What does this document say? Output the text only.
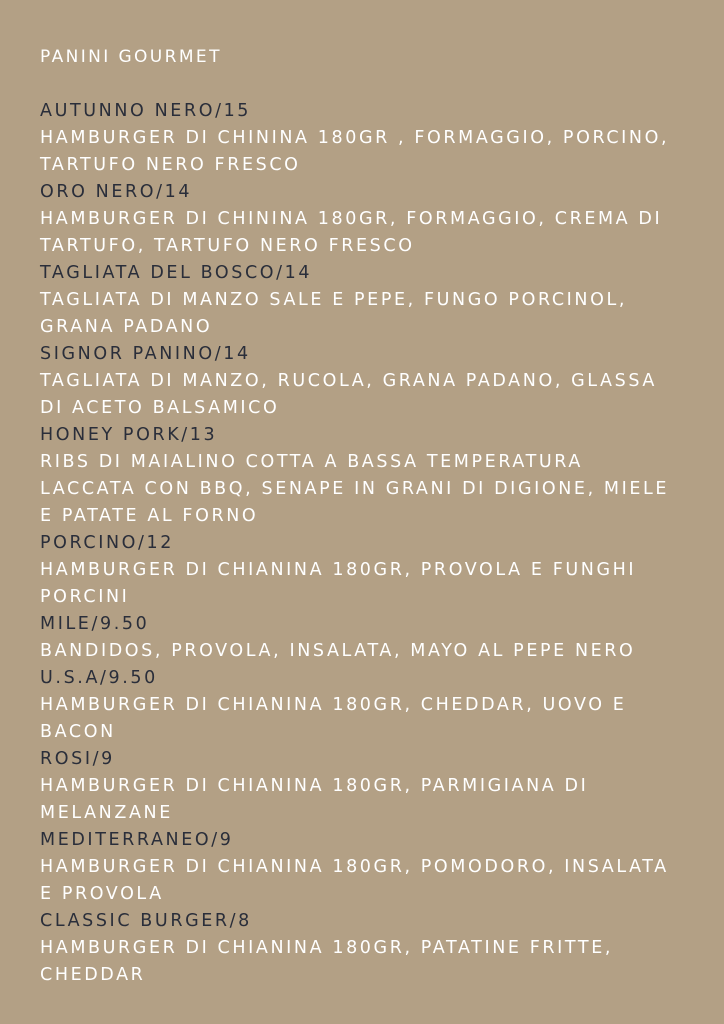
PANINI GOURMET
AUTUNNO NERO/15
HAMBURGER DI CHININA 180GR , FORMAGGIO, PORCINO,
TARTUFO NERO FRESCO
ORO NERO/14
HAMBURGER DI CHININA 180GR, FORMAGGIO, CREMA DI
TARTUFO, TARTUFO NERO FRESCO
TAGLIATA DEL BOSCO/14
TAGLIATA DI MANZO SALE E PEPE, FUNGO PORCINOL,
GRANA PADANO
SIGNOR PANINO/14
TAGLIATA DI MANZO, RUCOLA, GRANA PADANO, GLASSA
DI ACETO BALSAMICO
HONEY PORK/13
RIBS DI MAIALINO COTTA A BASSA TEMPERATURA
LACCATA CON BBQ, SENAPE IN GRANI DI DIGIONE, MIELE
E PATATE AL FORNO
PORCINO/12
HAMBURGER DI CHIANINA 180GR, PROVOLA E FUNGHI
PORCINI
MILE/9.50
BANDIDOS, PROVOLA, INSALATA, MAYO AL PEPE NERO
U.S.A/9.50
HAMBURGER DI CHIANINA 180GR, CHEDDAR, UOVO E
BACON
ROSI/9
HAMBURGER DI CHIANINA 180GR, PARMIGIANA DI
MELANZANE
MEDITERRANEO/9
HAMBURGER DI CHIANINA 180GR, POMODORO, INSALATA
E PROVOLA
CLASSIC BURGER/8
HAMBURGER DI CHIANINA 180GR, PATATINE FRITTE,
CHEDDAR
